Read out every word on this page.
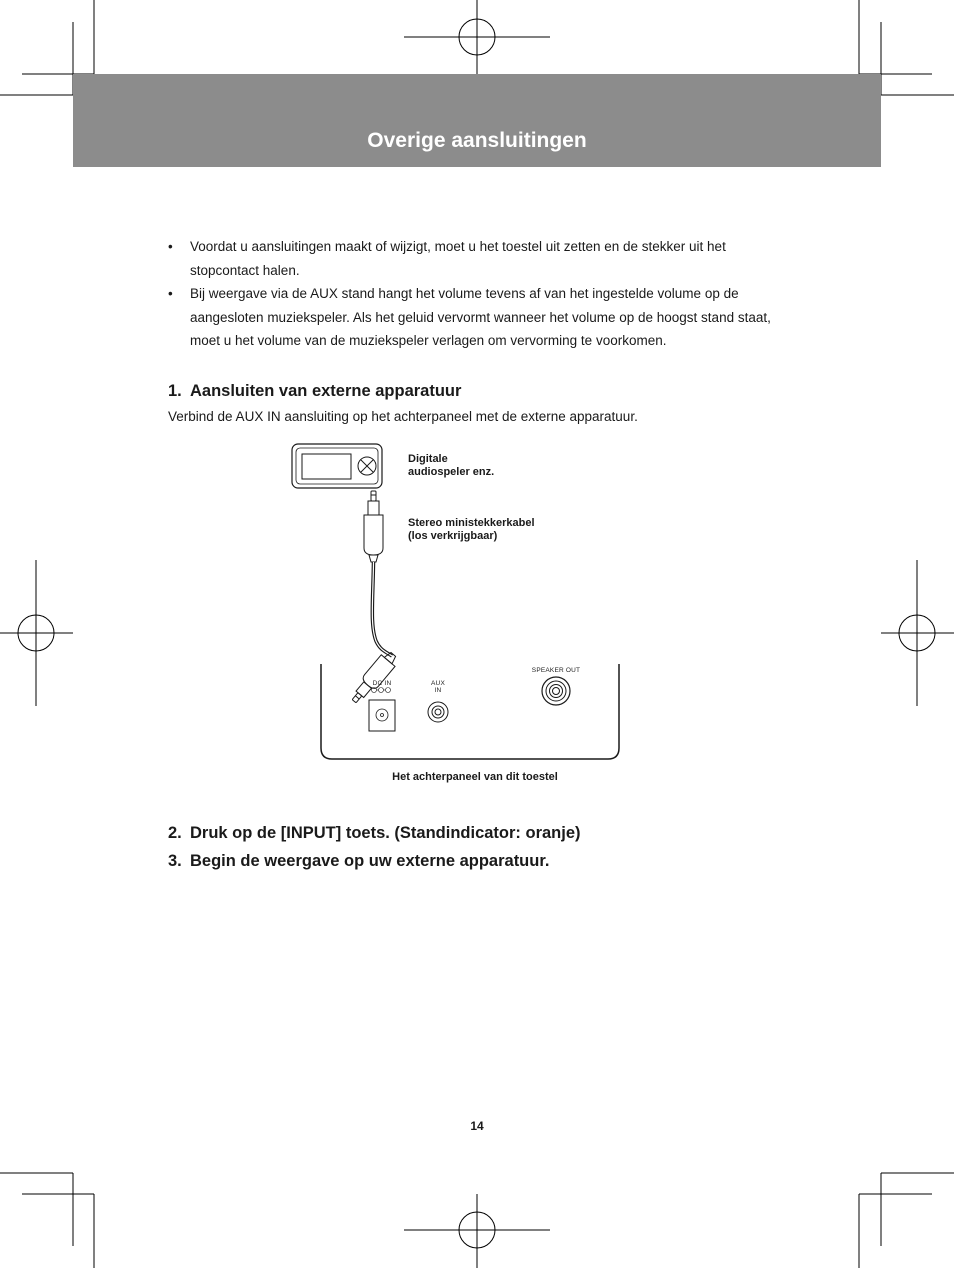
Overige aansluitingen
• Voordat u aansluitingen maakt of wijzigt, moet u het toestel uit zetten en de stekker uit het stopcontact halen.
• Bij weergave via de AUX stand hangt het volume tevens af van het ingestelde volume op de aangesloten muziekspeler. Als het geluid vervormt wanneer het volume op de hoogst stand staat, moet u het volume van de muziekspeler verlagen om vervorming te voorkomen.
1. Aansluiten van externe apparatuur
Verbind de AUX IN aansluiting op het achterpaneel met de externe apparatuur.
Digitale
audiospeler enz.
Stereo ministekkerkabel
(los verkrijgbaar)
DC IN	AUX
IN
SPEAKER OUT
Het achterpaneel van dit toestel
2. Druk op de [INPUT] toets. (Standindicator: oranje)
3. Begin de weergave op uw externe apparatuur.
14
